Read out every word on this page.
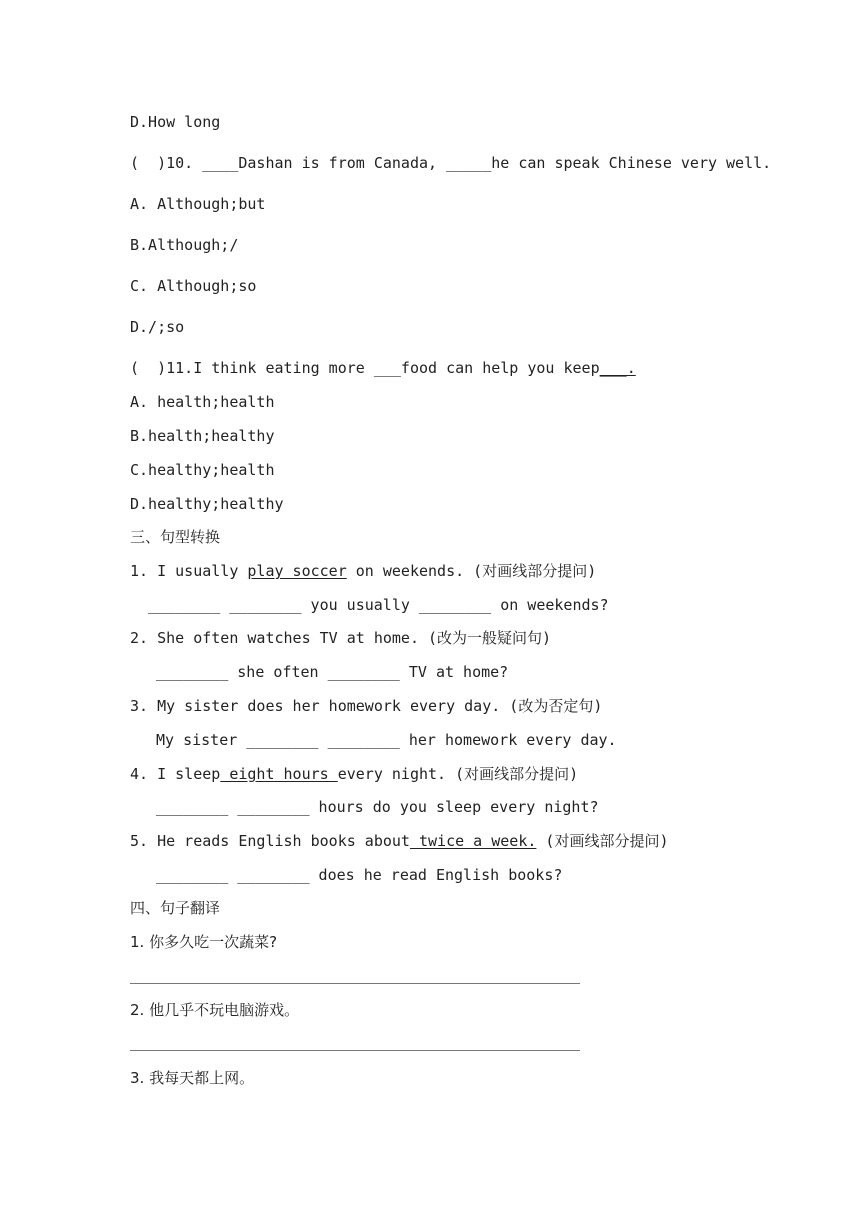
D.How long
(  )10. ____Dashan is from Canada, _____he can speak Chinese very well.
A. Although;but
B.Although;/
C. Although;so
D./;so
(  )11.I think eating more ___food can help you keep___.
A. health;health
B.health;healthy
C.healthy;health
D.healthy;healthy
三、句型转换
1. I usually play soccer on weekends. (对画线部分提问)
________ ________ you usually ________ on weekends?
2. She often watches TV at home. (改为一般疑问句)
________ she often ________ TV at home?
3. My sister does her homework every day. (改为否定句)
My sister ________ ________ her homework every day.
4. I sleep eight hours every night. (对画线部分提问)
________ ________ hours do you sleep every night?
5. He reads English books about twice a week. (对画线部分提问)
________ ________ does he read English books?
四、句子翻译
1. 你多久吃一次蔬菜?
2. 他几乎不玩电脑游戏。
3. 我每天都上网。
